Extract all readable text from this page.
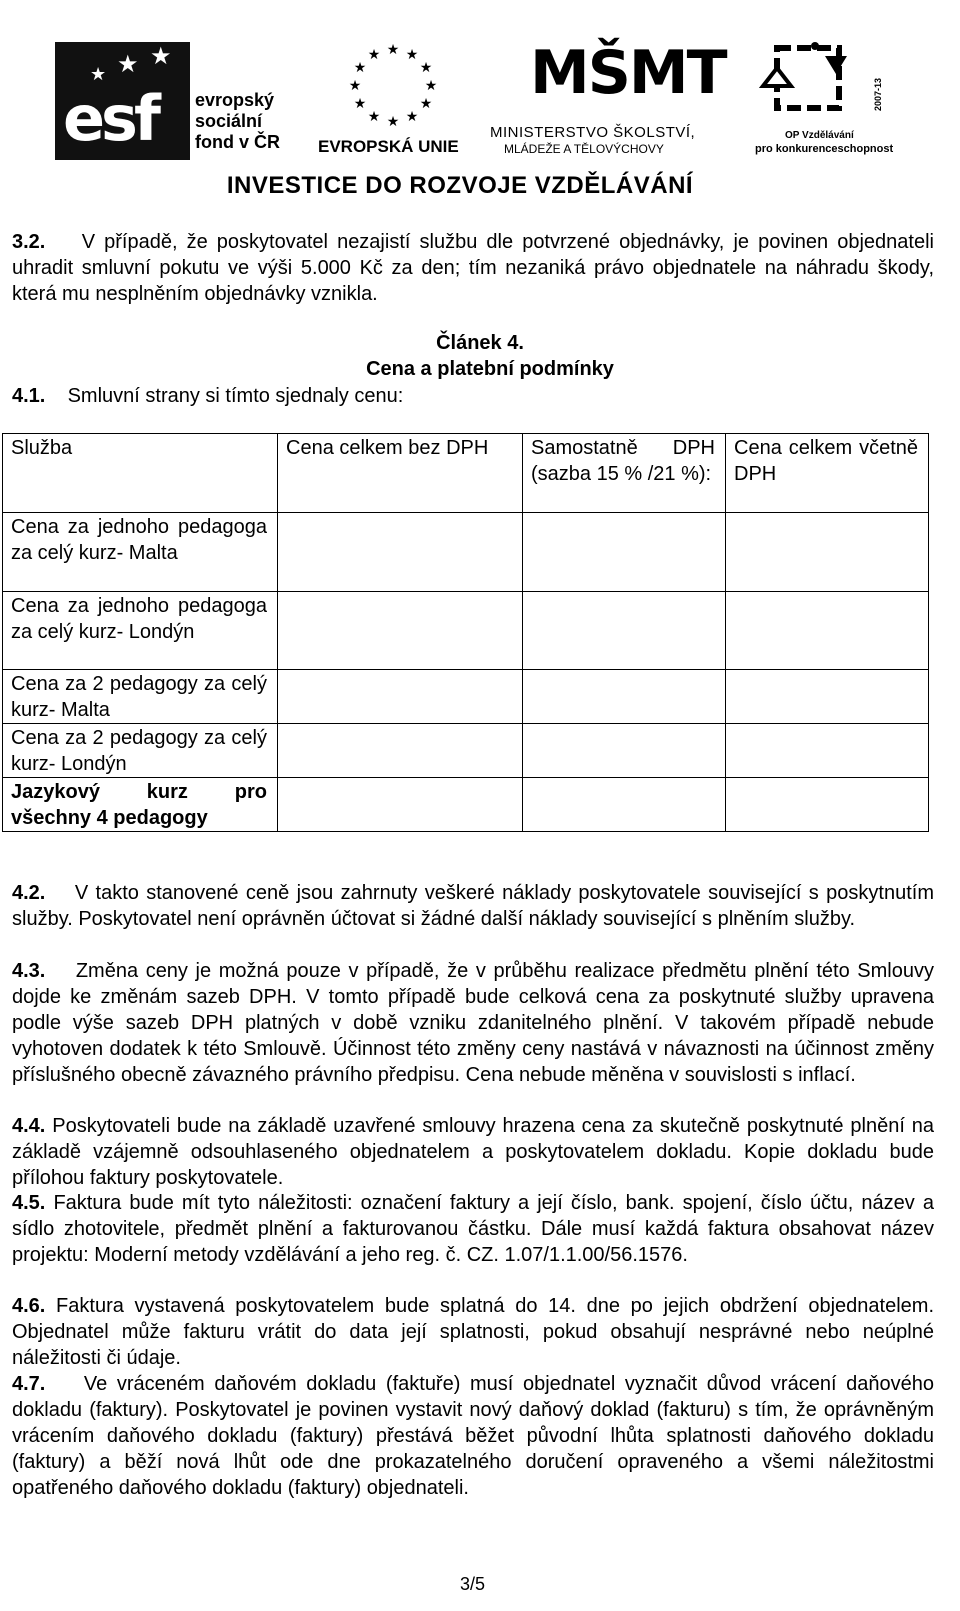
★ ★
★
esf evropský
sociální
fond v ČR
★ ★
★
★
★
★
★
★
★
★
★
★
EVROPSKÁ UNIE
MŠMT
MINISTERSTVO ŠKOLSTVÍ,
MLÁDEŽE A TĚLOVÝCHOVY
2007-13
OP Vzdělávání
pro konkurenceschopnost
INVESTICE DO ROZVOJE VZDĚLÁVÁNÍ
3.2. V případě, že poskytovatel nezajistí službu dle potvrzené objednávky, je povinen objednateli uhradit smluvní pokutu ve výši 5.000 Kč za den; tím nezaniká právo objednatele na náhradu škody, která mu nesplněním objednávky vznikla.
Článek 4.
Cena a platební podmínky
4.1. Smluvní strany si tímto sjednaly cenu:
Služba	Cena celkem bez DPH	Samostatně DPH (sazba 15 % /21 %):	Cena celkem včetně DPH
Cena za jednoho pedagoga za celý kurz- Malta			
Cena za jednoho pedagoga za celý kurz- Londýn			
Cena za 2 pedagogy za celý kurz- Malta			
Cena za 2 pedagogy za celý kurz- Londýn			
Jazykový kurz pro všechny 4 pedagogy			
4.2. V takto stanovené ceně jsou zahrnuty veškeré náklady poskytovatele související s poskytnutím služby. Poskytovatel není oprávněn účtovat si žádné další náklady související s plněním služby.
4.3. Změna ceny je možná pouze v případě, že v průběhu realizace předmětu plnění této Smlouvy dojde ke změnám sazeb DPH. V tomto případě bude celková cena za poskytnuté služby upravena podle výše sazeb DPH platných v době vzniku zdanitelného plnění. V takovém případě nebude vyhotoven dodatek k této Smlouvě. Účinnost této změny ceny nastává v návaznosti na účinnost změny příslušného obecně závazného právního předpisu. Cena nebude měněna v souvislosti s inflací.
4.4. Poskytovateli bude na základě uzavřené smlouvy hrazena cena za skutečně poskytnuté plnění na základě vzájemně odsouhlaseného objednatelem a poskytovatelem dokladu. Kopie dokladu bude přílohou faktury poskytovatele.
4.5. Faktura bude mít tyto náležitosti: označení faktury a její číslo, bank. spojení, číslo účtu, název a sídlo zhotovitele, předmět plnění a fakturovanou částku. Dále musí každá faktura obsahovat název projektu: Moderní metody vzdělávání a jeho reg. č. CZ. 1.07/1.1.00/56.1576.
4.6. Faktura vystavená poskytovatelem bude splatná do 14. dne po jejich obdržení objednatelem. Objednatel může fakturu vrátit do data její splatnosti, pokud obsahují nesprávné nebo neúplné náležitosti či údaje.
4.7. Ve vráceném daňovém dokladu (faktuře) musí objednatel vyznačit důvod vrácení daňového dokladu (faktury). Poskytovatel je povinen vystavit nový daňový doklad (fakturu) s tím, že oprávněným vrácením daňového dokladu (faktury) přestává běžet původní lhůta splatnosti daňového dokladu (faktury) a běží nová lhůt ode dne prokazatelného doručení opraveného a všemi náležitostmi opatřeného daňového dokladu (faktury) objednateli.
3/5
